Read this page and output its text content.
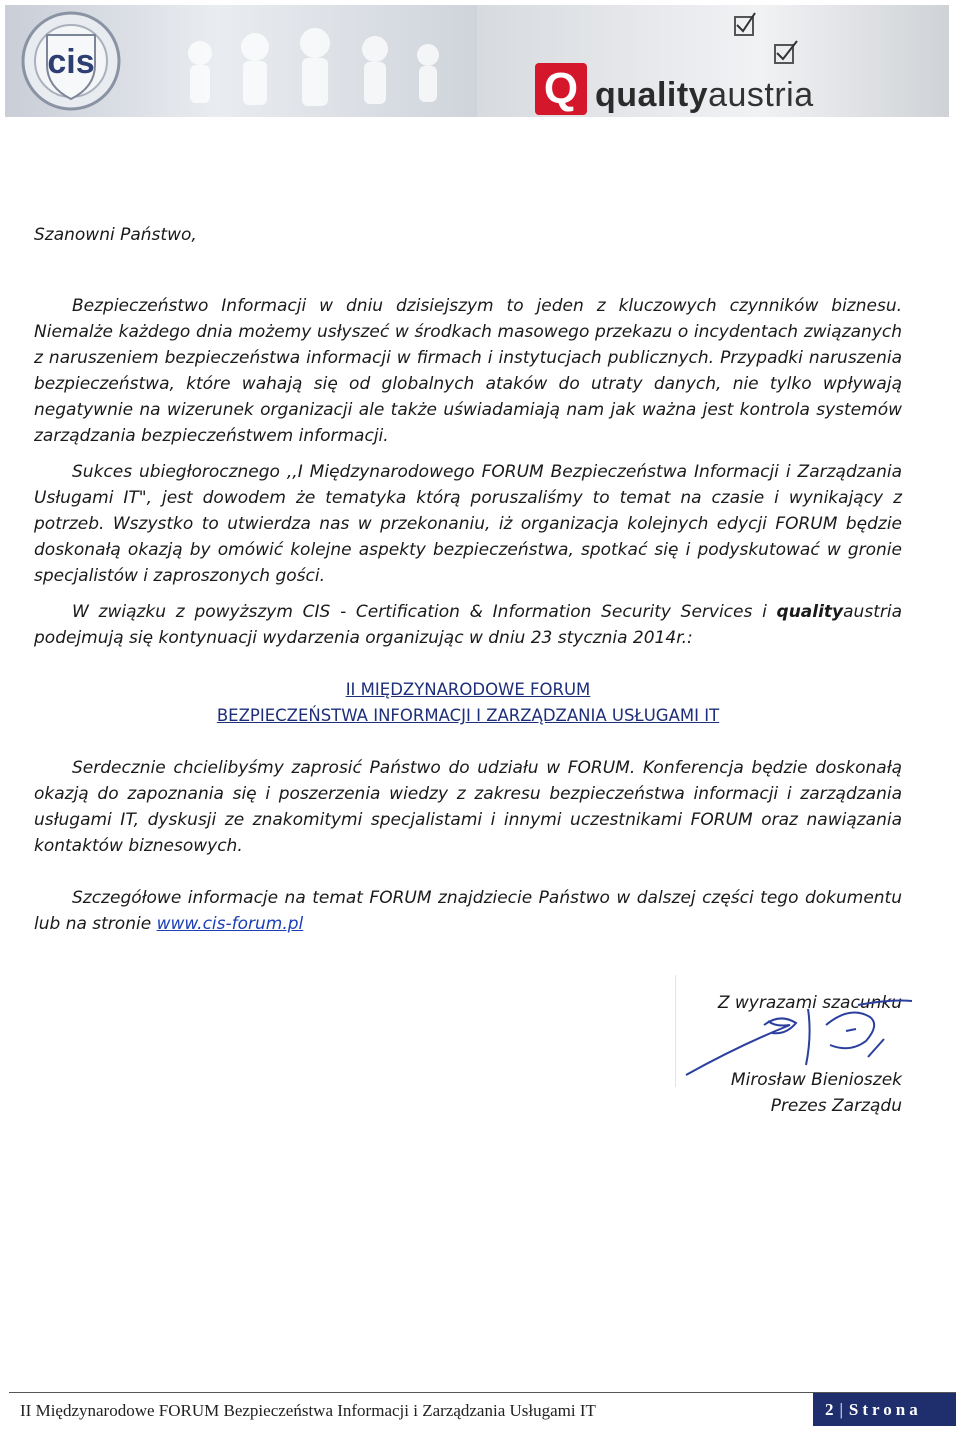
cis
Q qualityaustria

Szanowni Państwo,

Bezpieczeństwo Informacji w dniu dzisiejszym to jeden z kluczowych czynników biznesu. Niemalże każdego dnia możemy usłyszeć w środkach masowego przekazu o incydentach związanych z naruszeniem bezpieczeństwa informacji w firmach i instytucjach publicznych. Przypadki naruszenia bezpieczeństwa, które wahają się od globalnych ataków do utraty danych, nie tylko wpływają negatywnie na wizerunek organizacji ale także uświadamiają nam jak ważna jest kontrola systemów zarządzania bezpieczeństwem informacji.

Sukces ubiegłorocznego ,,I Międzynarodowego FORUM Bezpieczeństwa Informacji i Zarządzania Usługami IT", jest dowodem że tematyka którą poruszaliśmy to temat na czasie i wynikający z potrzeb. Wszystko to utwierdza nas w przekonaniu, iż organizacja kolejnych edycji FORUM będzie doskonałą okazją by omówić kolejne aspekty bezpieczeństwa, spotkać się i podyskutować w gronie specjalistów i zaproszonych gości.

W związku z powyższym CIS - Certification & Information Security Services i qualityaustria podejmują się kontynuacji wydarzenia organizując w dniu 23 stycznia 2014r.:

II MIĘDZYNARODOWE FORUM
BEZPIECZEŃSTWA INFORMACJI I ZARZĄDZANIA USŁUGAMI IT

Serdecznie chcielibyśmy zaprosić Państwo do udziału w FORUM. Konferencja będzie doskonałą okazją do zapoznania się i poszerzenia wiedzy z zakresu bezpieczeństwa informacji i zarządzania usługami IT, dyskusji ze znakomitymi specjalistami i innymi uczestnikami FORUM oraz nawiązania kontaktów biznesowych.

Szczegółowe informacje na temat FORUM znajdziecie Państwo w dalszej części tego dokumentu lub na stronie www.cis-forum.pl

Z wyrazami szacunku
Mirosław Bienioszek
Prezes Zarządu
II Międzynarodowe FORUM Bezpieczeństwa Informacji i Zarządzania Usługami IT	2 | Strona
